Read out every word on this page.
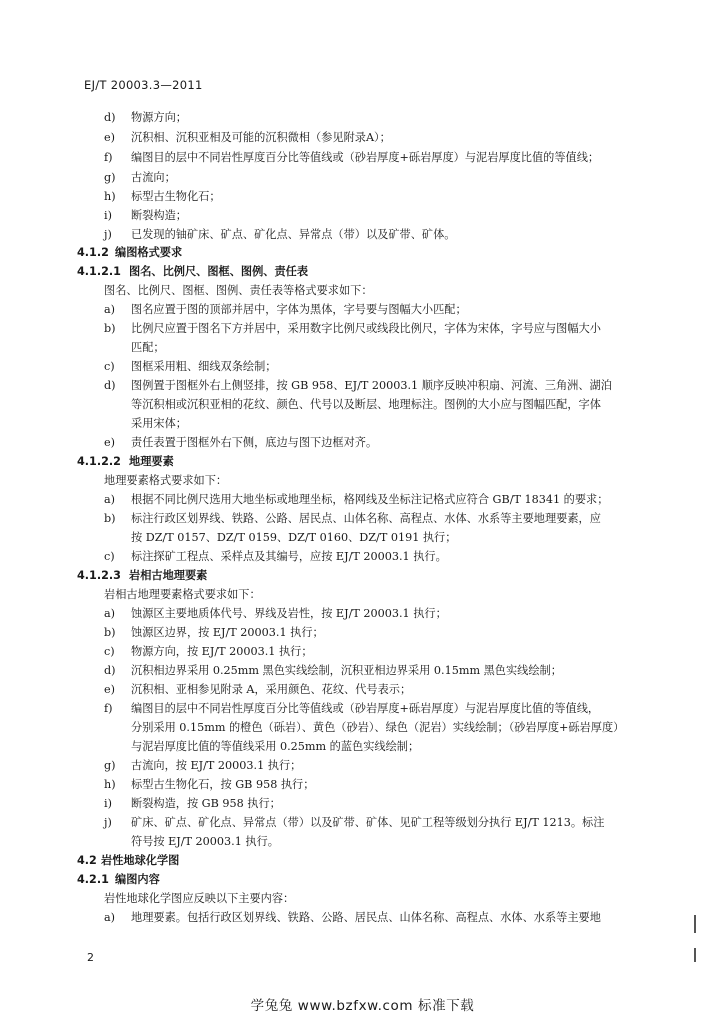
EJ/T 20003.3—2011
d) 物源方向；
e) 沉积相、沉积亚相及可能的沉积微相（参见附录A）；
f) 编图目的层中不同岩性厚度百分比等值线或（砂岩厚度+砾岩厚度）与泥岩厚度比值的等值线；
g) 古流向；
h) 标型古生物化石；
i) 断裂构造；
j) 已发现的铀矿床、矿点、矿化点、异常点（带）以及矿带、矿体。
4.1.2 编图格式要求
4.1.2.1 图名、比例尺、图框、图例、责任表
图名、比例尺、图框、图例、责任表等格式要求如下：
a) 图名应置于图的顶部并居中，字体为黑体，字号要与图幅大小匹配；
b) 比例尺应置于图名下方并居中，采用数字比例尺或线段比例尺，字体为宋体，字号应与图幅大小
匹配；
c) 图框采用粗、细线双条绘制；
d) 图例置于图框外右上侧竖排，按 GB 958、EJ/T 20003.1 顺序反映冲积扇、河流、三角洲、湖泊
等沉积相或沉积亚相的花纹、颜色、代号以及断层、地理标注。图例的大小应与图幅匹配，字体
采用宋体；
e) 责任表置于图框外右下侧，底边与图下边框对齐。
4.1.2.2 地理要素
地理要素格式要求如下：
a) 根据不同比例尺选用大地坐标或地理坐标，格网线及坐标注记格式应符合 GB/T 18341 的要求；
b) 标注行政区划界线、铁路、公路、居民点、山体名称、高程点、水体、水系等主要地理要素，应
按 DZ/T 0157、DZ/T 0159、DZ/T 0160、DZ/T 0191 执行；
c) 标注探矿工程点、采样点及其编号，应按 EJ/T 20003.1 执行。
4.1.2.3 岩相古地理要素
岩相古地理要素格式要求如下：
a) 蚀源区主要地质体代号、界线及岩性，按 EJ/T 20003.1 执行；
b) 蚀源区边界，按 EJ/T 20003.1 执行；
c) 物源方向，按 EJ/T 20003.1 执行；
d) 沉积相边界采用 0.25mm 黑色实线绘制，沉积亚相边界采用 0.15mm 黑色实线绘制；
e) 沉积相、亚相参见附录 A，采用颜色、花纹、代号表示；
f) 编图目的层中不同岩性厚度百分比等值线或（砂岩厚度+砾岩厚度）与泥岩厚度比值的等值线，
分别采用 0.15mm 的橙色（砾岩）、黄色（砂岩）、绿色（泥岩）实线绘制；（砂岩厚度+砾岩厚度）
与泥岩厚度比值的等值线采用 0.25mm 的蓝色实线绘制；
g) 古流向，按 EJ/T 20003.1 执行；
h) 标型古生物化石，按 GB 958 执行；
i) 断裂构造，按 GB 958 执行；
j) 矿床、矿点、矿化点、异常点（带）以及矿带、矿体、见矿工程等级划分执行 EJ/T 1213。标注
符号按 EJ/T 20003.1 执行。
4.2 岩性地球化学图
4.2.1 编图内容
岩性地球化学图应反映以下主要内容：
a) 地理要素。包括行政区划界线、铁路、公路、居民点、山体名称、高程点、水体、水系等主要地
2
学兔兔 www.bzfxw.com 标准下载
